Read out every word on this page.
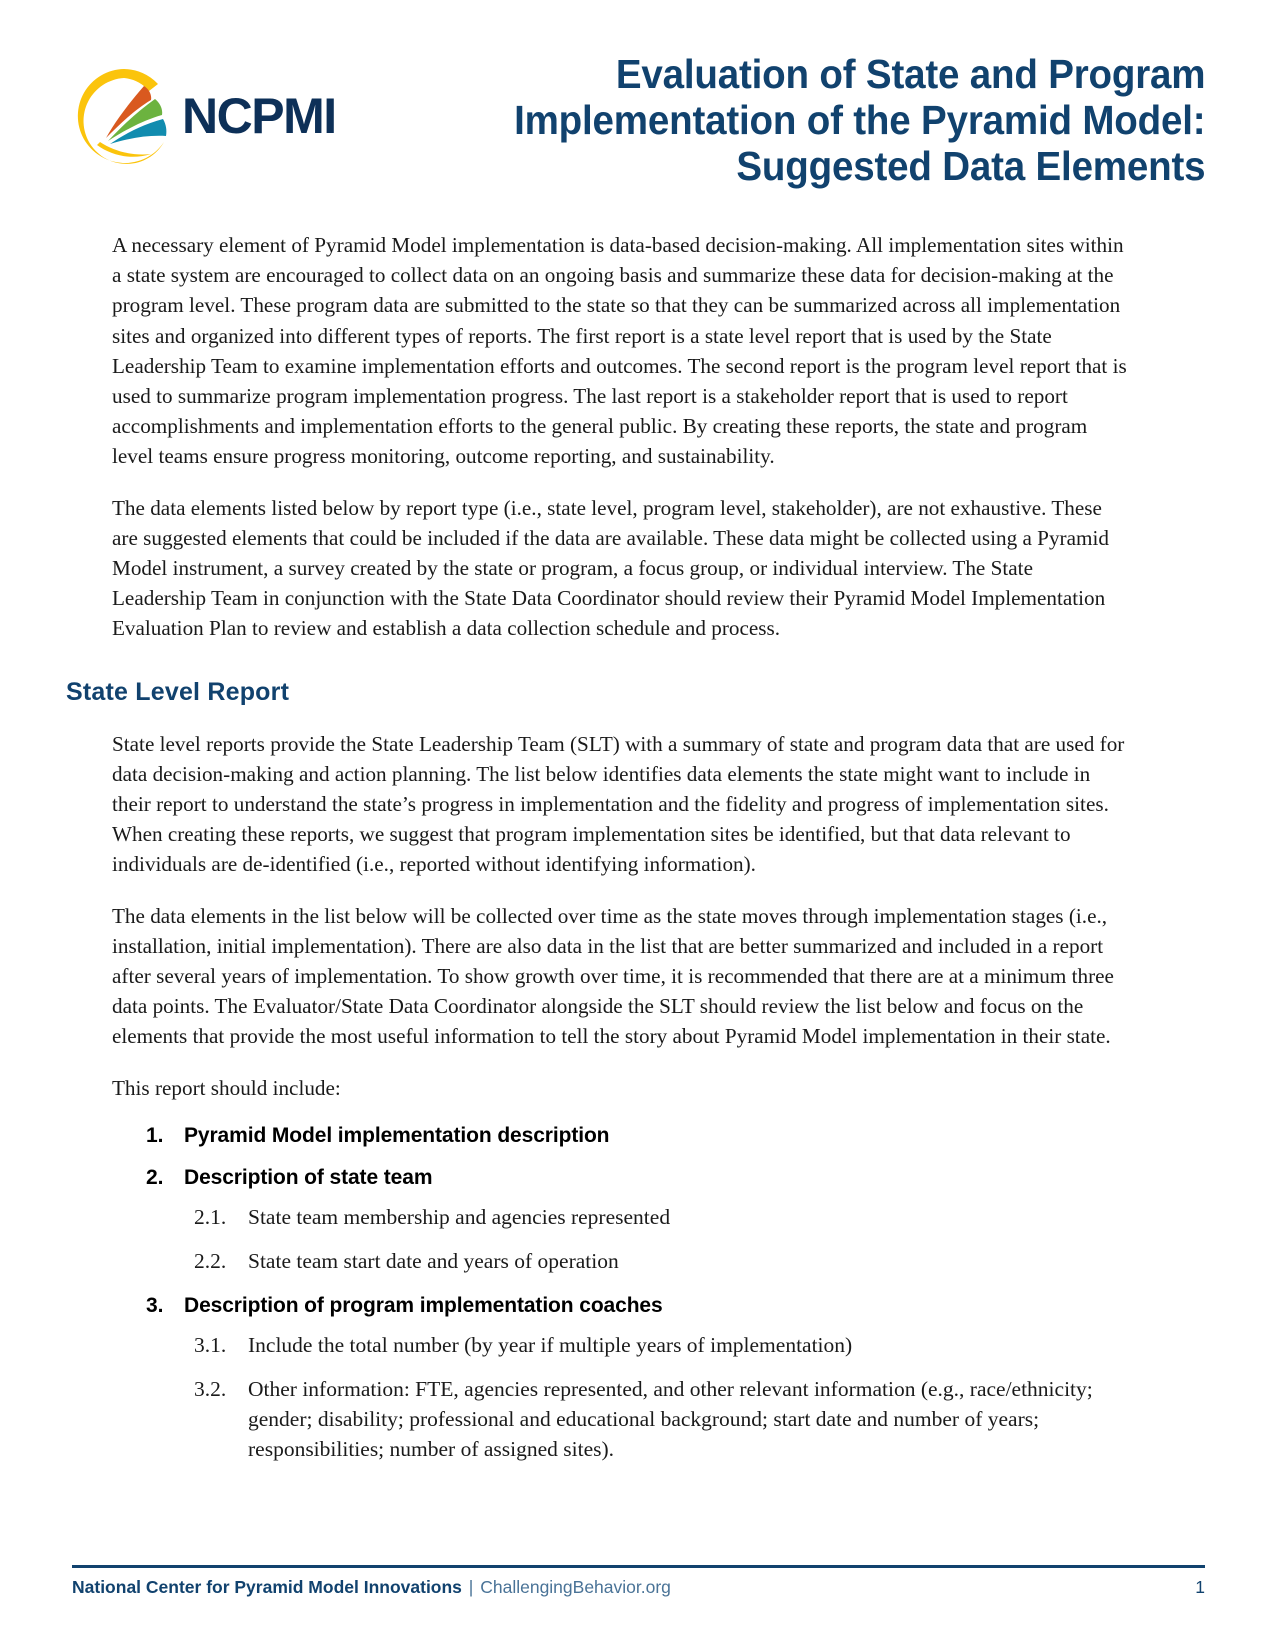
NCPMI
Evaluation of State and Program
Implementation of the Pyramid Model:
Suggested Data Elements

A necessary element of Pyramid Model implementation is data-based decision-making. All implementation sites within a state system are encouraged to collect data on an ongoing basis and summarize these data for decision-making at the program level. These program data are submitted to the state so that they can be summarized across all implementation sites and organized into different types of reports. The first report is a state level report that is used by the State Leadership Team to examine implementation efforts and outcomes. The second report is the program level report that is used to summarize program implementation progress. The last report is a stakeholder report that is used to report accomplishments and implementation efforts to the general public. By creating these reports, the state and program level teams ensure progress monitoring, outcome reporting, and sustainability.

The data elements listed below by report type (i.e., state level, program level, stakeholder), are not exhaustive. These are suggested elements that could be included if the data are available. These data might be collected using a Pyramid Model instrument, a survey created by the state or program, a focus group, or individual interview. The State Leadership Team in conjunction with the State Data Coordinator should review their Pyramid Model Implementation Evaluation Plan to review and establish a data collection schedule and process.

State Level Report

State level reports provide the State Leadership Team (SLT) with a summary of state and program data that are used for data decision-making and action planning. The list below identifies data elements the state might want to include in their report to understand the state’s progress in implementation and the fidelity and progress of implementation sites. When creating these reports, we suggest that program implementation sites be identified, but that data relevant to individuals are de-identified (i.e., reported without identifying information).

The data elements in the list below will be collected over time as the state moves through implementation stages (i.e., installation, initial implementation). There are also data in the list that are better summarized and included in a report after several years of implementation. To show growth over time, it is recommended that there are at a minimum three data points. The Evaluator/State Data Coordinator alongside the SLT should review the list below and focus on the elements that provide the most useful information to tell the story about Pyramid Model implementation in their state.

This report should include:

1. Pyramid Model implementation description
2. Description of state team
2.1.	State team membership and agencies represented
2.2.	State team start date and years of operation
3. Description of program implementation coaches
3.1.	Include the total number (by year if multiple years of implementation)
3.2.	Other information: FTE, agencies represented, and other relevant information (e.g., race/ethnicity; gender; disability; professional and educational background; start date and number of years; responsibilities; number of assigned sites).
National Center for Pyramid Model Innovations | ChallengingBehavior.org	1
